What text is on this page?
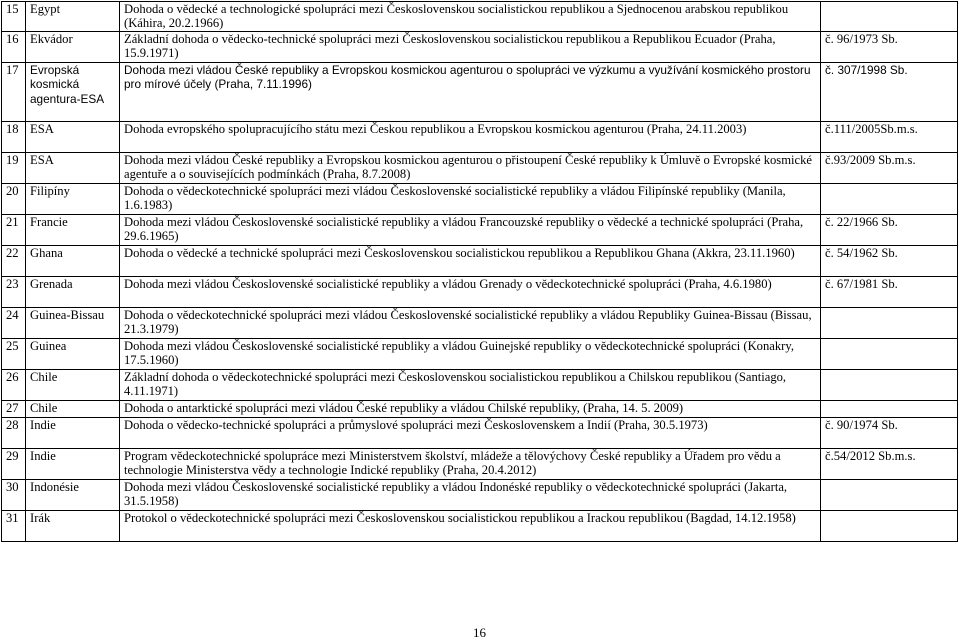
15	Egypt	Dohoda o vědecké a technologické spolupráci mezi Československou socialistickou republikou a Sjednocenou arabskou republikou (Káhira, 20.2.1966)	
16	Ekvádor	Základní dohoda o vědecko-technické spolupráci mezi Československou socialistickou republikou a Republikou Ecuador (Praha, 15.9.1971)	č. 96/1973 Sb.
17	Evropská kosmická agentura-ESA	Dohoda mezi vládou České republiky a Evropskou kosmickou agenturou o spolupráci ve výzkumu a využívání kosmického prostoru pro mírové účely (Praha, 7.11.1996)	č. 307/1998 Sb.
18	ESA	Dohoda evropského spolupracujícího státu mezi Českou republikou a Evropskou kosmickou agenturou (Praha, 24.11.2003)	č.111/2005Sb.m.s.
19	ESA	Dohoda mezi vládou České republiky a Evropskou kosmickou agenturou o přistoupení České republiky k Úmluvě o Evropské kosmické agentuře a o souvisejících podmínkách (Praha, 8.7.2008)	č.93/2009 Sb.m.s.
20	Filipíny	Dohoda o vědeckotechnické spolupráci mezi vládou Československé socialistické republiky a vládou Filipínské republiky (Manila, 1.6.1983)	
21	Francie	Dohoda mezi vládou Československé socialistické republiky a vládou Francouzské republiky o vědecké a technické spolupráci (Praha, 29.6.1965)	č. 22/1966 Sb.
22	Ghana	Dohoda o vědecké a technické spolupráci mezi Československou socialistickou republikou a Republikou Ghana (Akkra, 23.11.1960)	č. 54/1962 Sb.
23	Grenada	Dohoda mezi vládou Československé socialistické republiky a vládou Grenady o vědeckotechnické spolupráci (Praha, 4.6.1980)	č. 67/1981 Sb.
24	Guinea-Bissau	Dohoda o vědeckotechnické spolupráci mezi vládou Československé socialistické republiky a vládou Republiky Guinea-Bissau (Bissau, 21.3.1979)	
25	Guinea	Dohoda mezi vládou Československé socialistické republiky a vládou Guinejské republiky o vědeckotechnické spolupráci (Konakry, 17.5.1960)	
26	Chile	Základní dohoda o vědeckotechnické spolupráci mezi Československou socialistickou republikou a Chilskou republikou (Santiago, 4.11.1971)	
27	Chile	Dohoda o antarktické spolupráci mezi vládou České republiky a vládou Chilské republiky, (Praha, 14. 5. 2009)	
28	Indie	Dohoda o vědecko-technické spolupráci a průmyslové spolupráci mezi Československem a Indií (Praha, 30.5.1973)	č. 90/1974 Sb.
29	Indie	Program vědeckotechnické spolupráce mezi Ministerstvem školství, mládeže a tělovýchovy České republiky a Úřadem pro vědu a technologie Ministerstva vědy a technologie Indické republiky (Praha, 20.4.2012)	č.54/2012 Sb.m.s.
30	Indonésie	Dohoda mezi vládou Československé socialistické republiky a vládou Indonéské republiky o vědeckotechnické spolupráci (Jakarta, 31.5.1958)	
31	Irák	Protokol o vědeckotechnické spolupráci mezi Československou socialistickou republikou a Irackou republikou (Bagdad, 14.12.1958)	
16
